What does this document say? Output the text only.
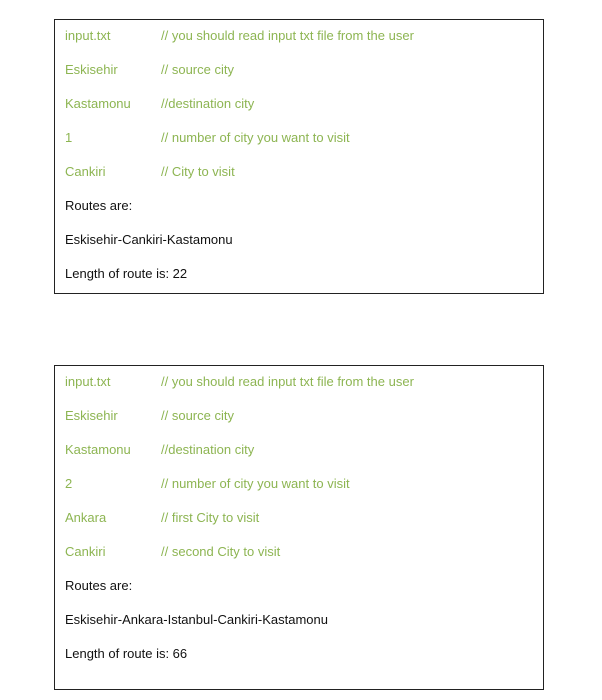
input.txt	// you should read input txt file from the user
Eskisehir	// source city
Kastamonu //destination city
1	// number of city you want to visit
Cankiri	// City to visit
Routes are:
Eskisehir-Cankiri-Kastamonu
Length of route is: 22
input.txt	// you should read input txt file from the user
Eskisehir	// source city
Kastamonu //destination city
2	// number of city you want to visit
Ankara	// first City to visit
Cankiri	// second City to visit
Routes are:
Eskisehir-Ankara-Istanbul-Cankiri-Kastamonu
Length of route is: 66
